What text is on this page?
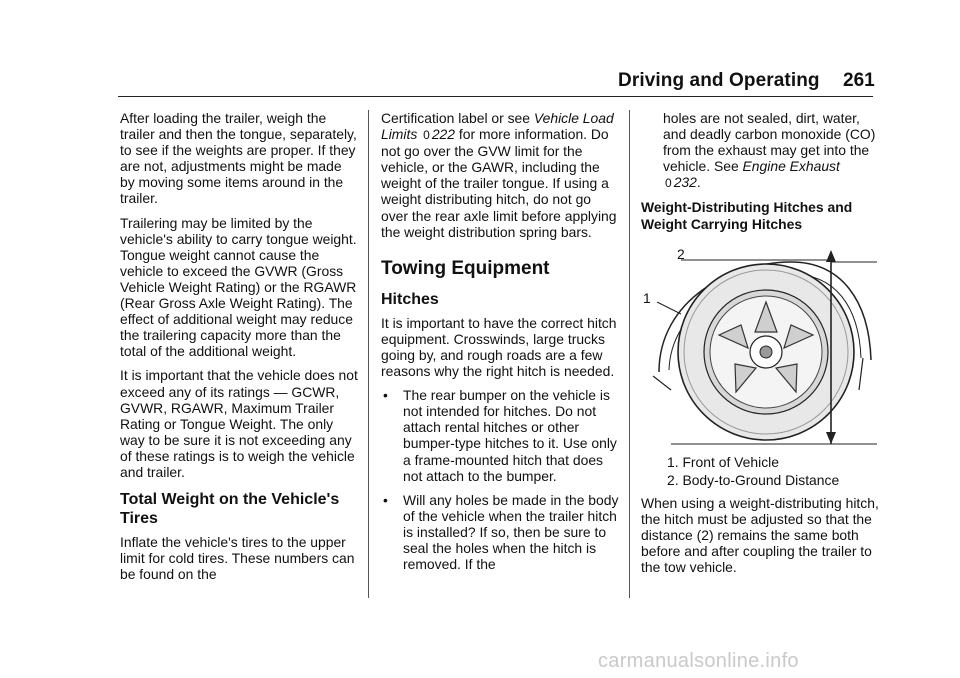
Driving and Operating 261

After loading the trailer, weigh the trailer and then the tongue, separately, to see if the weights are proper. If they are not, adjustments might be made by moving some items around in the trailer.

Trailering may be limited by the vehicle's ability to carry tongue weight. Tongue weight cannot cause the vehicle to exceed the GVWR (Gross Vehicle Weight Rating) or the RGAWR (Rear Gross Axle Weight Rating). The effect of additional weight may reduce the trailering capacity more than the total of the additional weight.

It is important that the vehicle does not exceed any of its ratings — GCWR, GVWR, RGAWR, Maximum Trailer Rating or Tongue Weight. The only way to be sure it is not exceeding any of these ratings is to weigh the vehicle and trailer.

Total Weight on the Vehicle's Tires

Inflate the vehicle's tires to the upper limit for cold tires. These numbers can be found on the

Certification label or see Vehicle Load Limits 0 222 for more information. Do not go over the GVW limit for the vehicle, or the GAWR, including the weight of the trailer tongue. If using a weight distributing hitch, do not go over the rear axle limit before applying the weight distribution spring bars.

Towing Equipment
Hitches

It is important to have the correct hitch equipment. Crosswinds, large trucks going by, and rough roads are a few reasons why the right hitch is needed.

• The rear bumper on the vehicle is not intended for hitches. Do not attach rental hitches or other bumper-type hitches to it. Use only a frame-mounted hitch that does not attach to the bumper.
• Will any holes be made in the body of the vehicle when the trailer hitch is installed? If so, then be sure to seal the holes when the hitch is removed. If the

holes are not sealed, dirt, water, and deadly carbon monoxide (CO) from the exhaust may get into the vehicle. See Engine Exhaust 0 232.

Weight-Distributing Hitches and Weight Carrying Hitches
2
1
1. Front of Vehicle
2. Body-to-Ground Distance

When using a weight-distributing hitch, the hitch must be adjusted so that the distance (2) remains the same both before and after coupling the trailer to the tow vehicle.

carmanualsonline.info
